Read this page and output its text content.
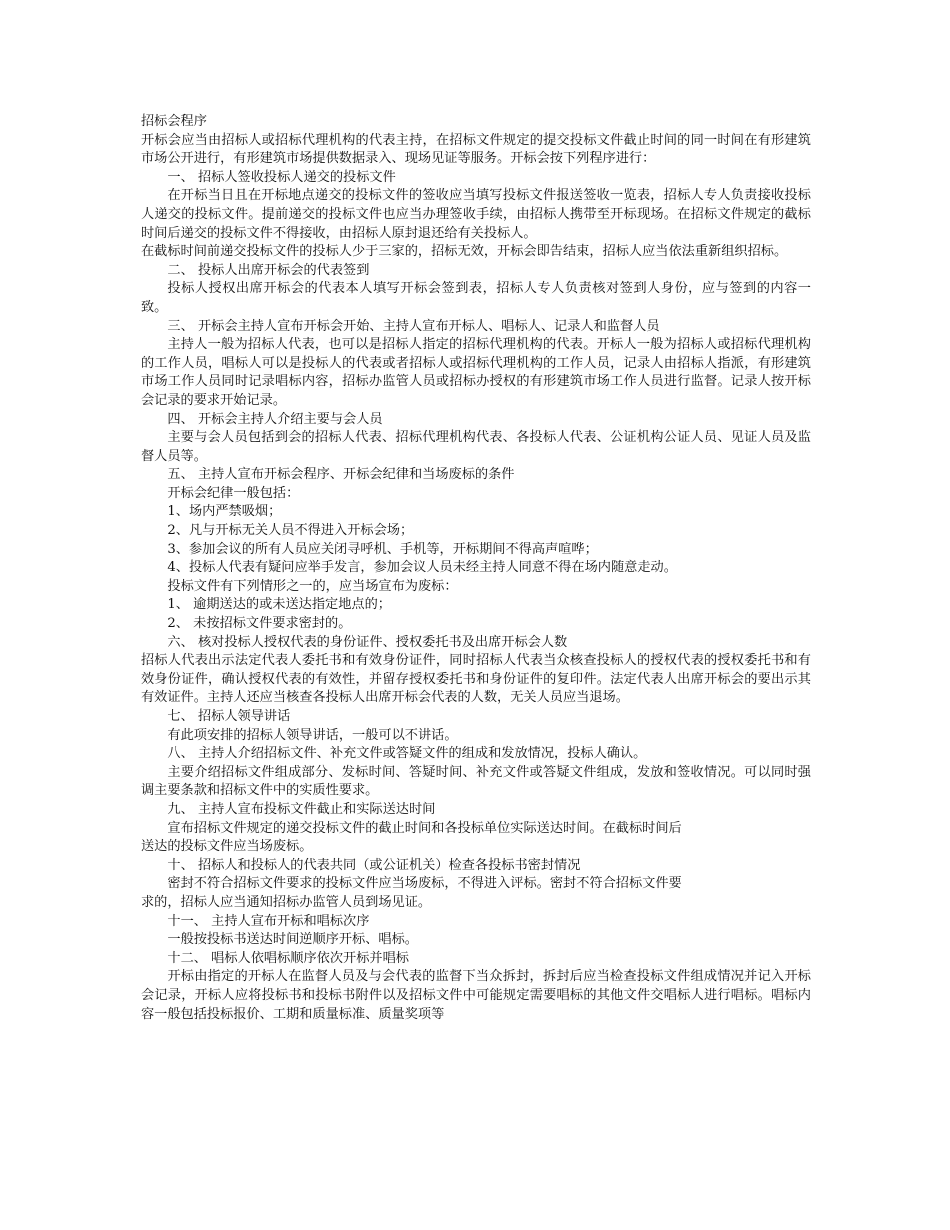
招标会程序
开标会应当由招标人或招标代理机构的代表主持，在招标文件规定的提交投标文件截止时间的同一时间在有形建筑市场公开进行，有形建筑市场提供数据录入、现场见证等服务。开标会按下列程序进行：
一、 招标人签收投标人递交的投标文件
在开标当日且在开标地点递交的投标文件的签收应当填写投标文件报送签收一览表，招标人专人负责接收投标人递交的投标文件。提前递交的投标文件也应当办理签收手续，由招标人携带至开标现场。在招标文件规定的截标时间后递交的投标文件不得接收，由招标人原封退还给有关投标人。
在截标时间前递交投标文件的投标人少于三家的，招标无效，开标会即告结束，招标人应当依法重新组织招标。
二、 投标人出席开标会的代表签到
投标人授权出席开标会的代表本人填写开标会签到表，招标人专人负责核对签到人身份，应与签到的内容一致。
三、 开标会主持人宣布开标会开始、主持人宣布开标人、唱标人、记录人和监督人员
主持人一般为招标人代表，也可以是招标人指定的招标代理机构的代表。开标人一般为招标人或招标代理机构的工作人员，唱标人可以是投标人的代表或者招标人或招标代理机构的工作人员，记录人由招标人指派，有形建筑市场工作人员同时记录唱标内容，招标办监管人员或招标办授权的有形建筑市场工作人员进行监督。记录人按开标会记录的要求开始记录。
四、 开标会主持人介绍主要与会人员
主要与会人员包括到会的招标人代表、招标代理机构代表、各投标人代表、公证机构公证人员、见证人员及监督人员等。
五、 主持人宣布开标会程序、开标会纪律和当场废标的条件
开标会纪律一般包括：
1、场内严禁吸烟；
2、凡与开标无关人员不得进入开标会场；
3、参加会议的所有人员应关闭寻呼机、手机等，开标期间不得高声喧哗；
4、投标人代表有疑问应举手发言，参加会议人员未经主持人同意不得在场内随意走动。
投标文件有下列情形之一的，应当场宣布为废标：
1、 逾期送达的或未送达指定地点的；
2、 未按招标文件要求密封的。
六、 核对投标人授权代表的身份证件、授权委托书及出席开标会人数
招标人代表出示法定代表人委托书和有效身份证件，同时招标人代表当众核查投标人的授权代表的授权委托书和有效身份证件，确认授权代表的有效性，并留存授权委托书和身份证件的复印件。法定代表人出席开标会的要出示其有效证件。主持人还应当核查各投标人出席开标会代表的人数，无关人员应当退场。
七、 招标人领导讲话
有此项安排的招标人领导讲话，一般可以不讲话。
八、 主持人介绍招标文件、补充文件或答疑文件的组成和发放情况，投标人确认。
主要介绍招标文件组成部分、发标时间、答疑时间、补充文件或答疑文件组成，发放和签收情况。可以同时强调主要条款和招标文件中的实质性要求。
九、 主持人宣布投标文件截止和实际送达时间
宣布招标文件规定的递交投标文件的截止时间和各投标单位实际送达时间。在截标时间后
送达的投标文件应当场废标。
十、 招标人和投标人的代表共同（或公证机关）检查各投标书密封情况
密封不符合招标文件要求的投标文件应当场废标，不得进入评标。密封不符合招标文件要
求的，招标人应当通知招标办监管人员到场见证。
十一、 主持人宣布开标和唱标次序
一般按投标书送达时间逆顺序开标、唱标。
十二、 唱标人依唱标顺序依次开标并唱标
开标由指定的开标人在监督人员及与会代表的监督下当众拆封，拆封后应当检查投标文件组成情况并记入开标会记录，开标人应将投标书和投标书附件以及招标文件中可能规定需要唱标的其他文件交唱标人进行唱标。唱标内容一般包括投标报价、工期和质量标准、质量奖项等
